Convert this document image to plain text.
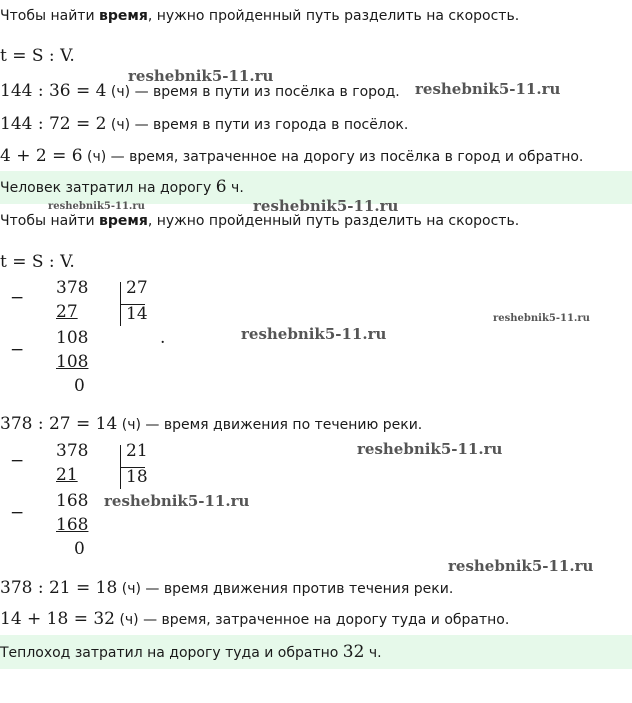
Чтобы найти время, нужно пройденный путь разделить на скорость.
t = S : V.
144 : 36 = 4 (ч) — время в пути из посёлка в город.
144 : 72 = 2 (ч) — время в пути из города в посёлок.
4 + 2 = 6 (ч) — время, затраченное на дорогу из посёлка в город и обратно.
Человек затратил на дорогу 6 ч.
Чтобы найти время, нужно пройденный путь разделить на скорость.
t = S : V.
− 378
27
−
108
108
0
27
14
.
378 : 27 = 14 (ч) — время движения по течению реки.
− 378
21
−
168
168
0
21
18
378 : 21 = 18 (ч) — время движения против течения реки.
14 + 18 = 32 (ч) — время, затраченное на дорогу туда и обратно.
Теплоход затратил на дорогу туда и обратно 32 ч.
reshebnik5-11.ru
reshebnik5-11.ru
reshebnik5-11.ru	reshebnik5-11.ru
reshebnik5-11.ru
reshebnik5-11.ru
reshebnik5-11.ru
reshebnik5-11.ru
reshebnik5-11.ru
